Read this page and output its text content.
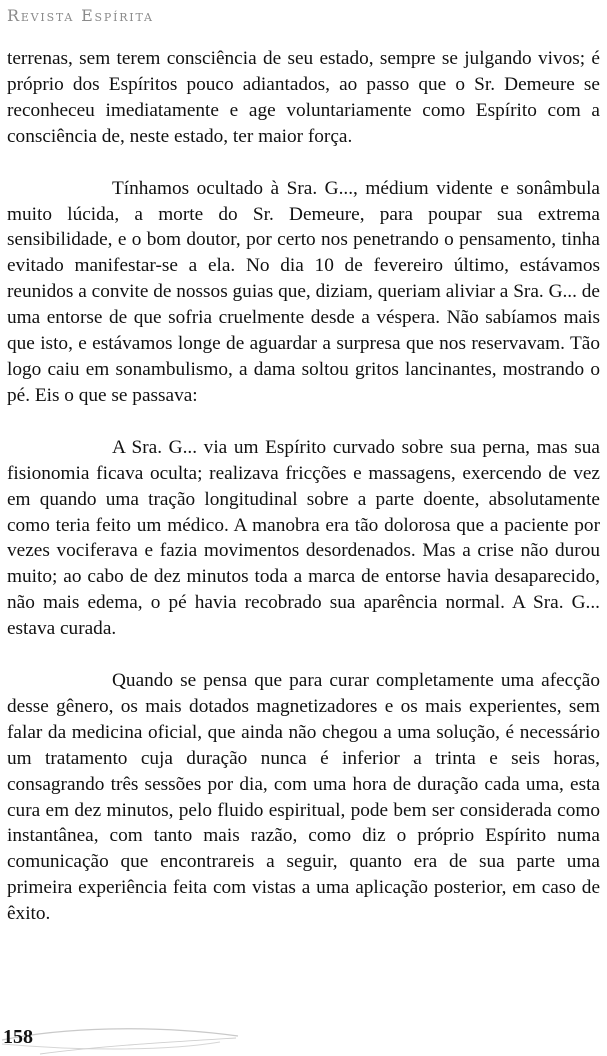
Revista Espírita

terrenas, sem terem consciência de seu estado, sempre se julgando vivos; é próprio dos Espíritos pouco adiantados, ao passo que o Sr. Demeure se reconheceu imediatamente e age voluntariamente como Espírito com a consciência de, neste estado, ter maior força.

Tínhamos ocultado à Sra. G..., médium vidente e sonâmbula muito lúcida, a morte do Sr. Demeure, para poupar sua extrema sensibilidade, e o bom doutor, por certo nos penetrando o pensamento, tinha evitado manifestar-se a ela. No dia 10 de fevereiro último, estávamos reunidos a convite de nossos guias que, diziam, queriam aliviar a Sra. G... de uma entorse de que sofria cruelmente desde a véspera. Não sabíamos mais que isto, e estávamos longe de aguardar a surpresa que nos reservavam. Tão logo caiu em sonambulismo, a dama soltou gritos lancinantes, mostrando o pé. Eis o que se passava:

A Sra. G... via um Espírito curvado sobre sua perna, mas sua fisionomia ficava oculta; realizava fricções e massagens, exercendo de vez em quando uma tração longitudinal sobre a parte doente, absolutamente como teria feito um médico. A manobra era tão dolorosa que a paciente por vezes vociferava e fazia movimentos desordenados. Mas a crise não durou muito; ao cabo de dez minutos toda a marca de entorse havia desaparecido, não mais edema, o pé havia recobrado sua aparência normal. A Sra. G... estava curada.

Quando se pensa que para curar completamente uma afecção desse gênero, os mais dotados magnetizadores e os mais experientes, sem falar da medicina oficial, que ainda não chegou a uma solução, é necessário um tratamento cuja duração nunca é inferior a trinta e seis horas, consagrando três sessões por dia, com uma hora de duração cada uma, esta cura em dez minutos, pelo fluido espiritual, pode bem ser considerada como instantânea, com tanto mais razão, como diz o próprio Espírito numa comunicação que encontrareis a seguir, quanto era de sua parte uma primeira experiência feita com vistas a uma aplicação posterior, em caso de êxito.

158
